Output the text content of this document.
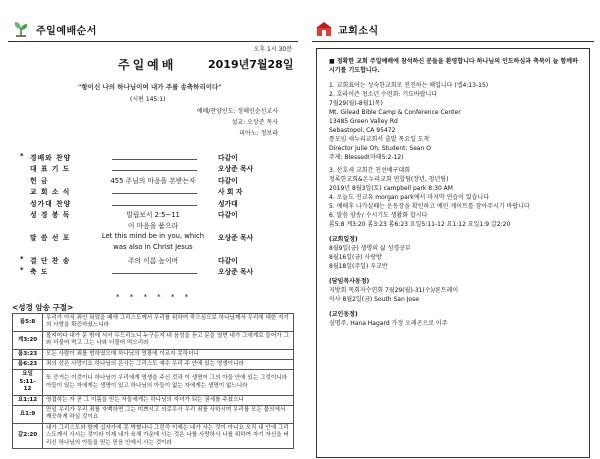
주일예배순서
오후 1시 30분
주일예배	2019년7월28일
"항이신 나의 하나님이여 내가 주를 송축하리이다"
(시편 145:1)
예배/찬양인도: 정해인순선교사
설교: 오상준 목사
피아노: 정보라
* 경배와 찬양	다같이
대 표 기 도	오상준 목사
헌 금	455 주님의 마음을 본받는자	다같이
교 회 소 식	사 회 자
성가대 찬양	성가대
성 경 봉 독	빌립보서 2:5~11	다같이
이 마음을 품으라
말 씀 선 포	Let this mind be in you, which	오상준 목사
was also in Christ Jesus
* 결 단 찬 송	주의 이름 높이며	다같이
* 축 도	오상준 목사
* * * * * *
<성경 암송 구절>
롬5:8	우리가 아직 죄인 되었을 때에 그리스도께서 우리를 위하여 죽으심으로 하나님께서 우리에 대한 자기의 사랑을 확증하셨느니라
계3:20	볼지어다 내가 문 밖에 서서 두드리노니 누구든지 내 음성을 듣고 문을 열면 내가 그에게로 들어가 그와 더불어 먹고 그는 나와 더불어 먹으리라
롬3:23	모든 사람이 죄를 범하였으매 하나님의 영광에 이르지 못하더니
롬6:23	죄의 삯은 사망이요 하나님의 은사는 그리스도 예수 우리 주 안에 있는 영생이니라
요일 5:11-12	또 증거는 이것이니 하나님이 우리에게 영생을 주신 것과 이 생명이 그의 아들 안에 있는 그것이니라 아들이 있는 자에게는 생명이 있고 하나님의 아들이 없는 자에게는 생명이 없느니라
요1:12	영접하는 자 곧 그 이름을 믿는 자들에게는 하나님의 자녀가 되는 권세를 주셨으니
요1:9	만일 우리가 우리 죄를 자백하면 그는 미쁘시고 의로우사 우리 죄를 사하시며 우리를 모든 불의에서 깨끗하게 하실 것이요
갈2:20	내가 그리스도와 함께 십자가에 못 박혔나니 그런즉 이제는 내가 사는 것이 아니요 오직 내 안에 그리스도께서 사시는 것이라 이제 내가 육체 가운데 사는 것은 나를 사랑하사 나를 위하여 자기 자신을 버리신 하나님의 아들을 믿는 믿음 안에서 사는 것이라
교회소식
■ 정확한 교회 주일예배에 참석하신 분들을 환영합니다 하나님의 인도하심과 축복이 늘 함께하시기를 기도합니다.
1. 교회표어는 성숙한교회로 전진하는 해입니다 (엡4:13-15)
2. 호라이즌 청소년 수련회: 기도바랍니다
7월29(월)-8월1(목)
Mt. Gilead Bible Camp & Conference Center
13485 Green Valley Rd
Sebastopol, CA 95472
통모임 새누리교회서 출발 목요일 도착
Director Julie Oh, Student: Sean O
주제: Blessed(마태5:2-12)
3. 산호세 교회간 친선배구대회
청록한교회&온누리교회 연합팀(장년, 청년팀)
2019년 8월3일(토) campbell park 8:30 AM
4. 오늘도 진교유 morgan park에서 마지막 연습이 있습니다
5. 예배후 나가실때는 운동장을 확인하고 예인 게이트를 잠아주시기 바랍니다
6. 말씀 암송/ 수시기도 생활화 합시다
롬5:8 계3:20 롬3:23 롬6:23 요일5:11-12 요1:12 요일1:9 갈2:20
(교회일정)
8월9일(금) 생명의 삶 성경공부
8월16일(금) 사랑방
8월18일(주일) 우교반
(담임목사동정)
지방회 목회자수련회 7월29(월)-31(수)/론트레이
이사 8월2일(금) South San Jose
(교인동정)
심명주, Hana Hagard 가정 오레곤으로 이주
